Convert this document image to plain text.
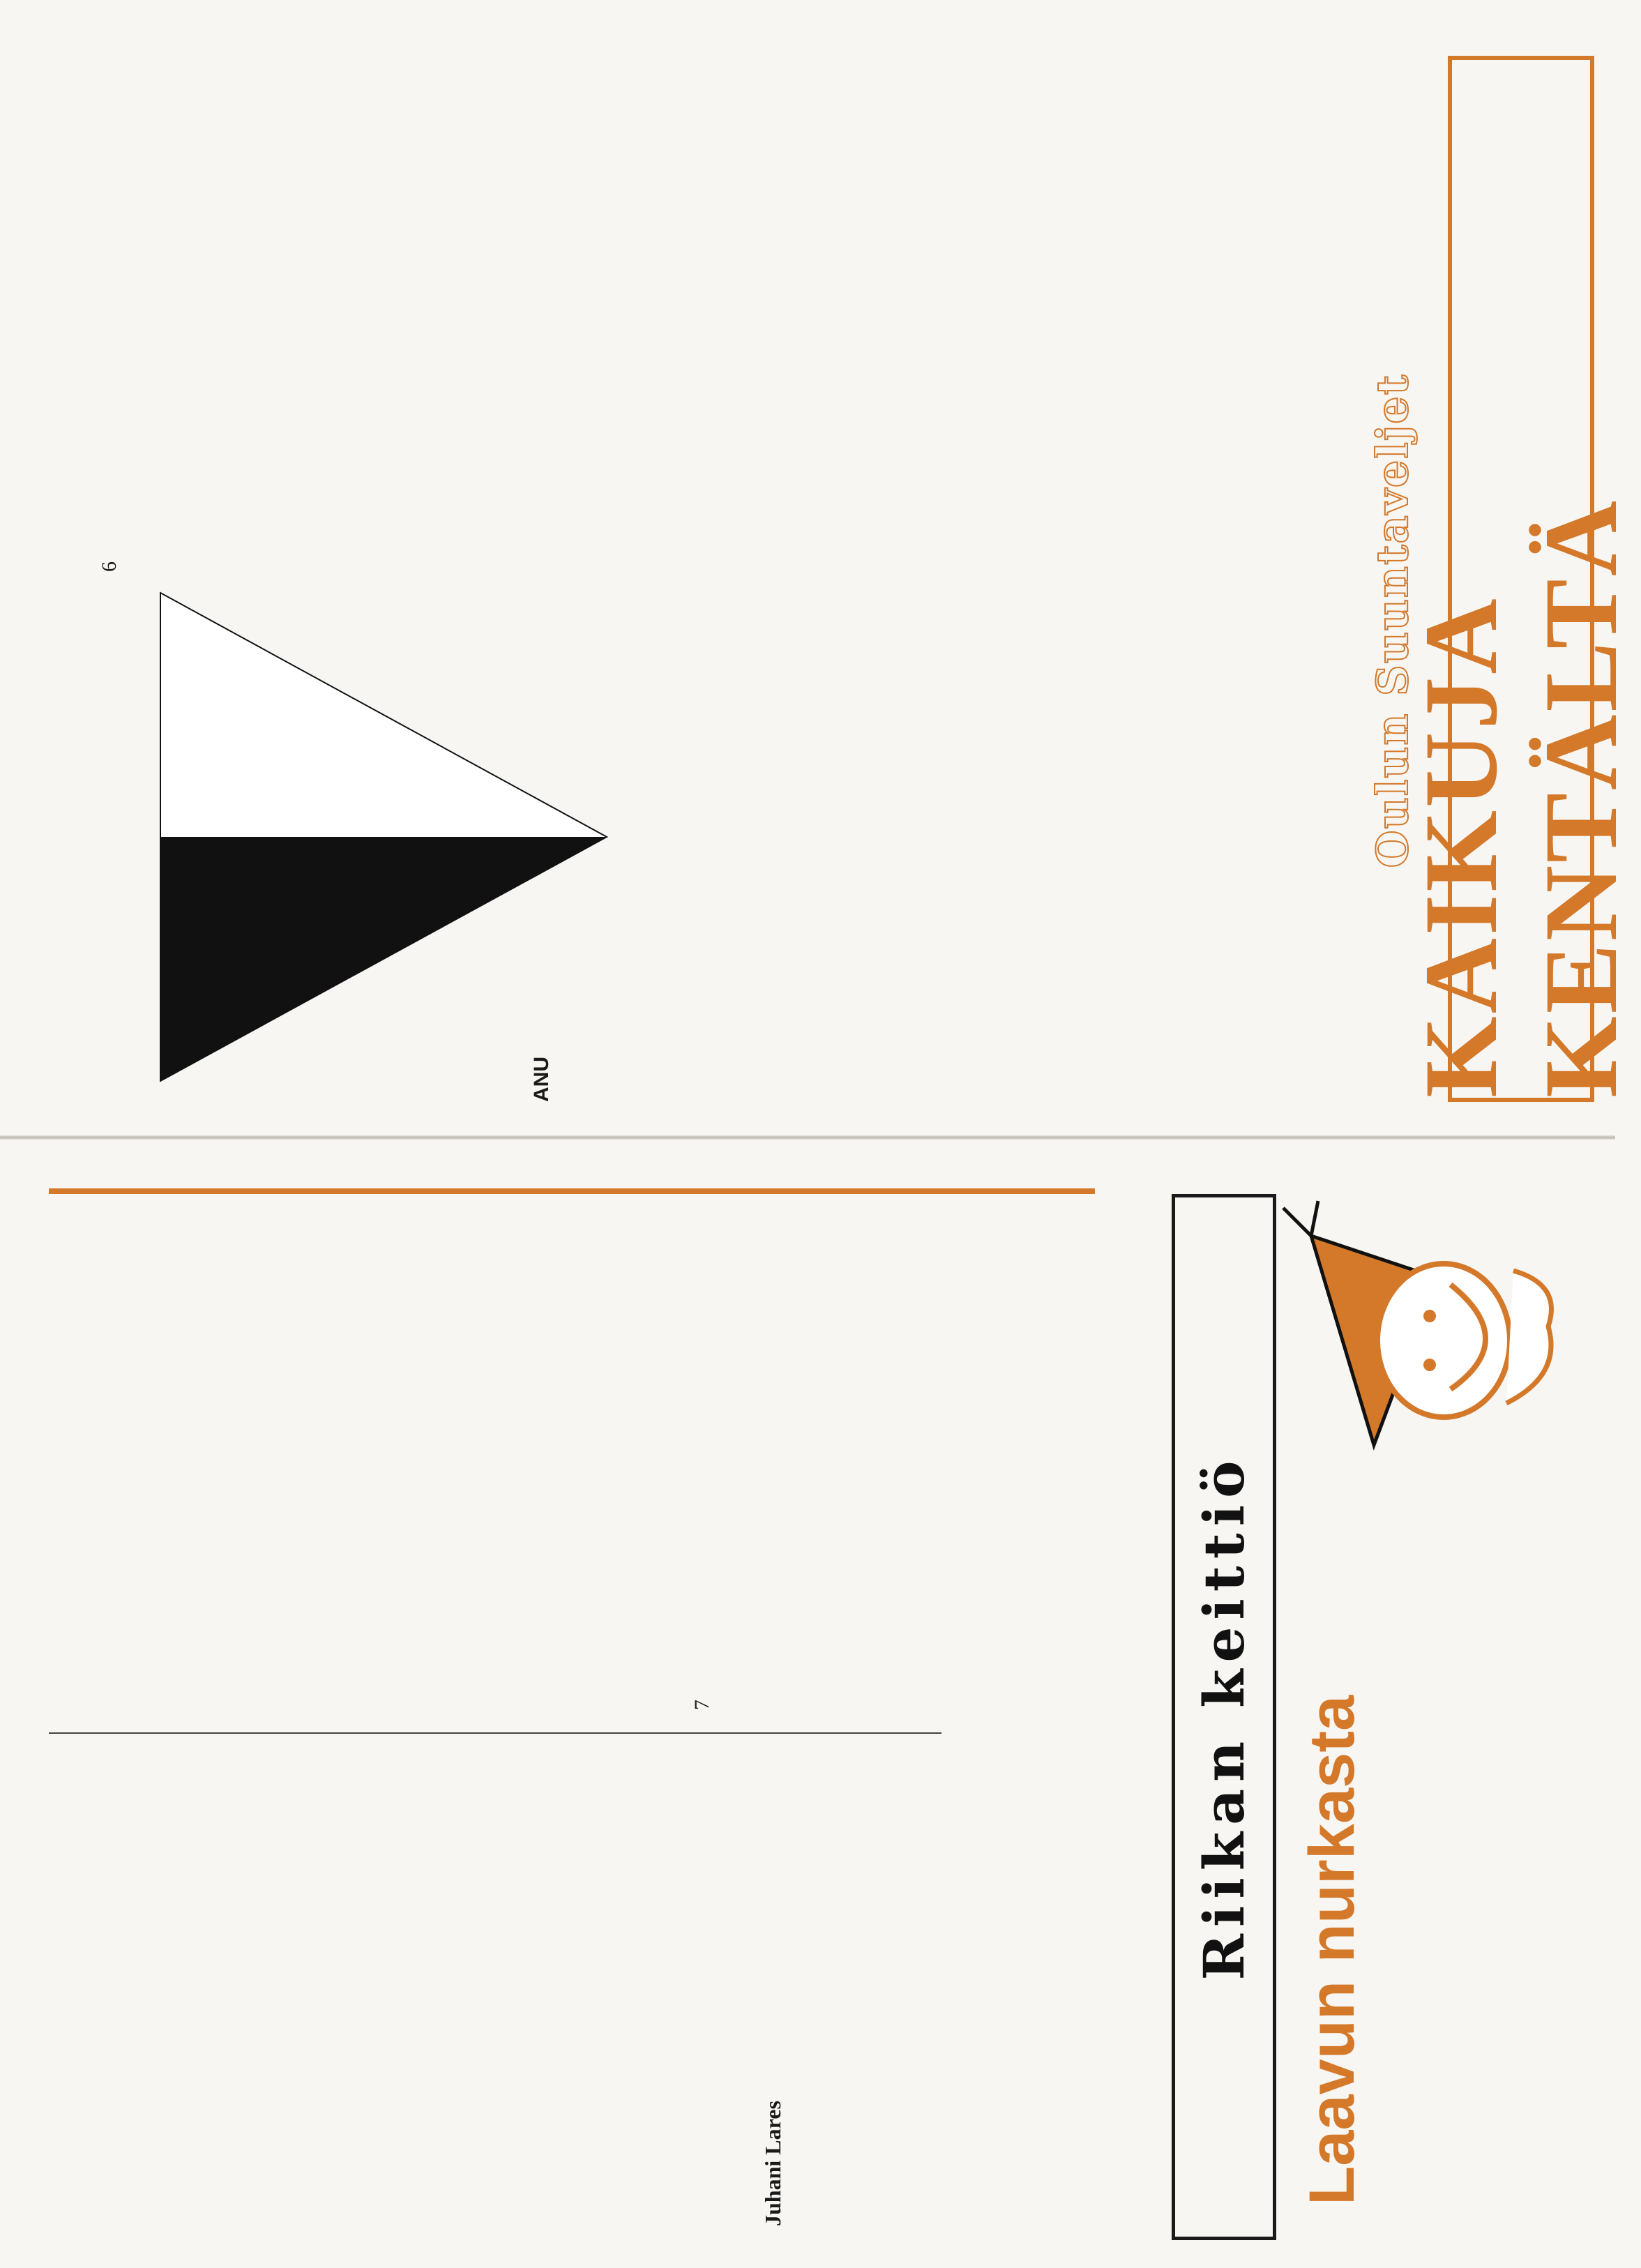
KAIKUJA KENTÄLTÄ
Oulun Suuntaveljet
ANU
6
Laavun nurkasta
Riikan keittiö
Juhani Lares
7
